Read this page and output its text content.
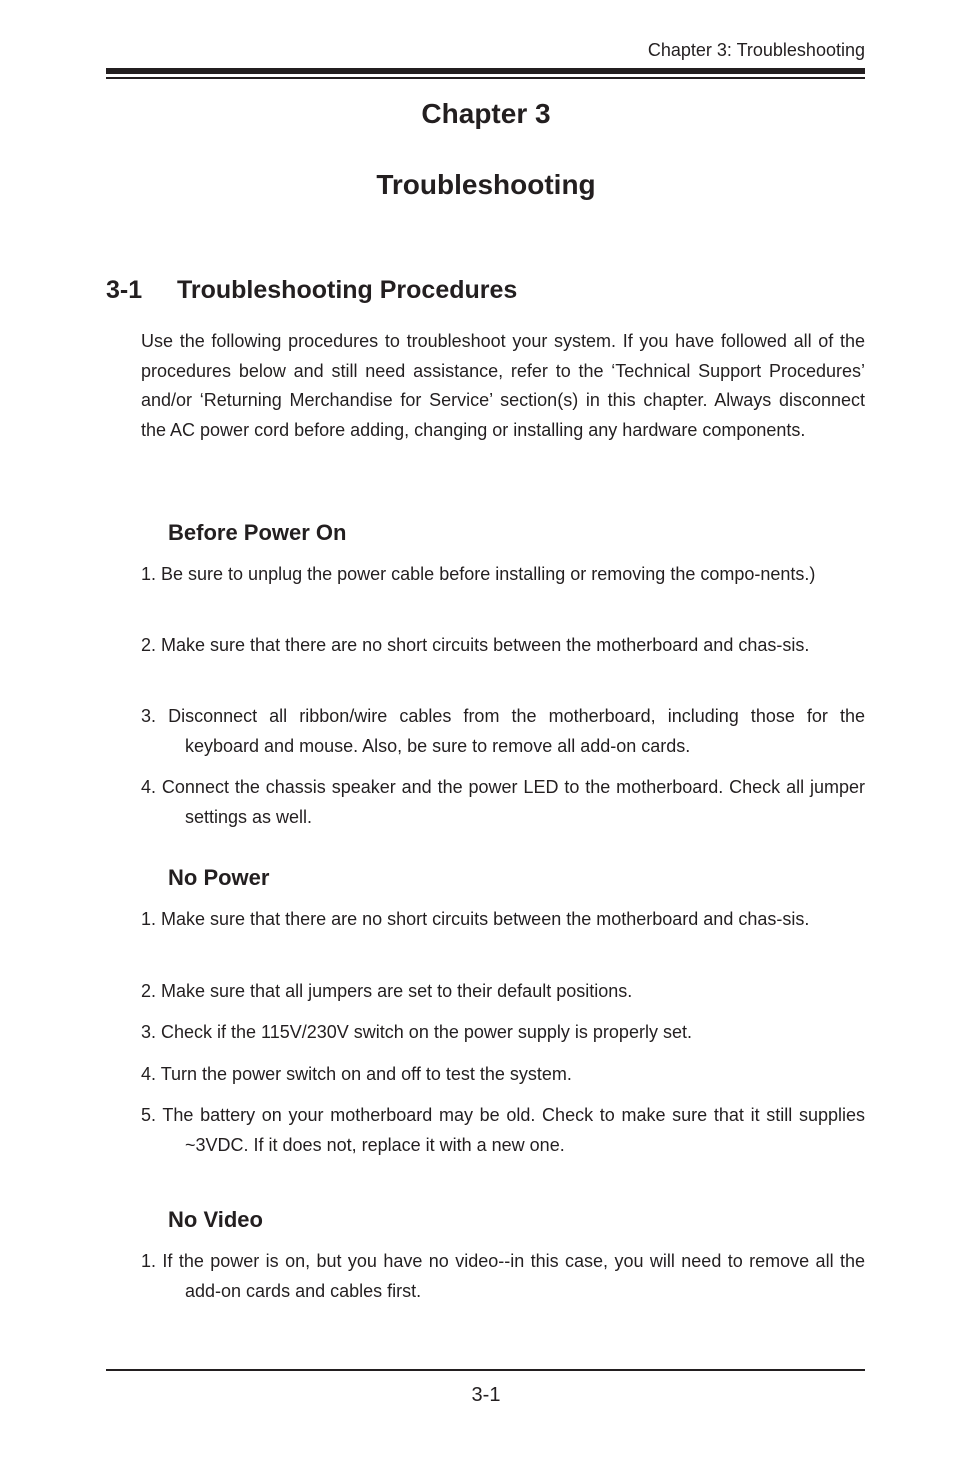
Chapter 3: Troubleshooting
Chapter 3
Troubleshooting
3-1 Troubleshooting Procedures
Use the following procedures to troubleshoot your system. If you have followed all of the procedures below and still need assistance, refer to the ‘Technical Support Procedures’ and/or ‘Returning Merchandise for Service’ section(s) in this chapter. Always disconnect the AC power cord before adding, changing or installing any hardware components.
Before Power On
1. Be sure to unplug the power cable before installing or removing the compo-nents.)
2. Make sure that there are no short circuits between the motherboard and chas-sis.
3. Disconnect all ribbon/wire cables from the motherboard, including those for the keyboard and mouse. Also, be sure to remove all add-on cards.
4. Connect the chassis speaker and the power LED to the motherboard. Check all jumper settings as well.
No Power
1. Make sure that there are no short circuits between the motherboard and chas-sis.
2. Make sure that all jumpers are set to their default positions.
3. Check if the 115V/230V switch on the power supply is properly set.
4. Turn the power switch on and off to test the system.
5. The battery on your motherboard may be old. Check to make sure that it still supplies ~3VDC. If it does not, replace it with a new one.
No Video
1. If the power is on, but you have no video--in this case, you will need to remove all the add-on cards and cables first.
3-1
